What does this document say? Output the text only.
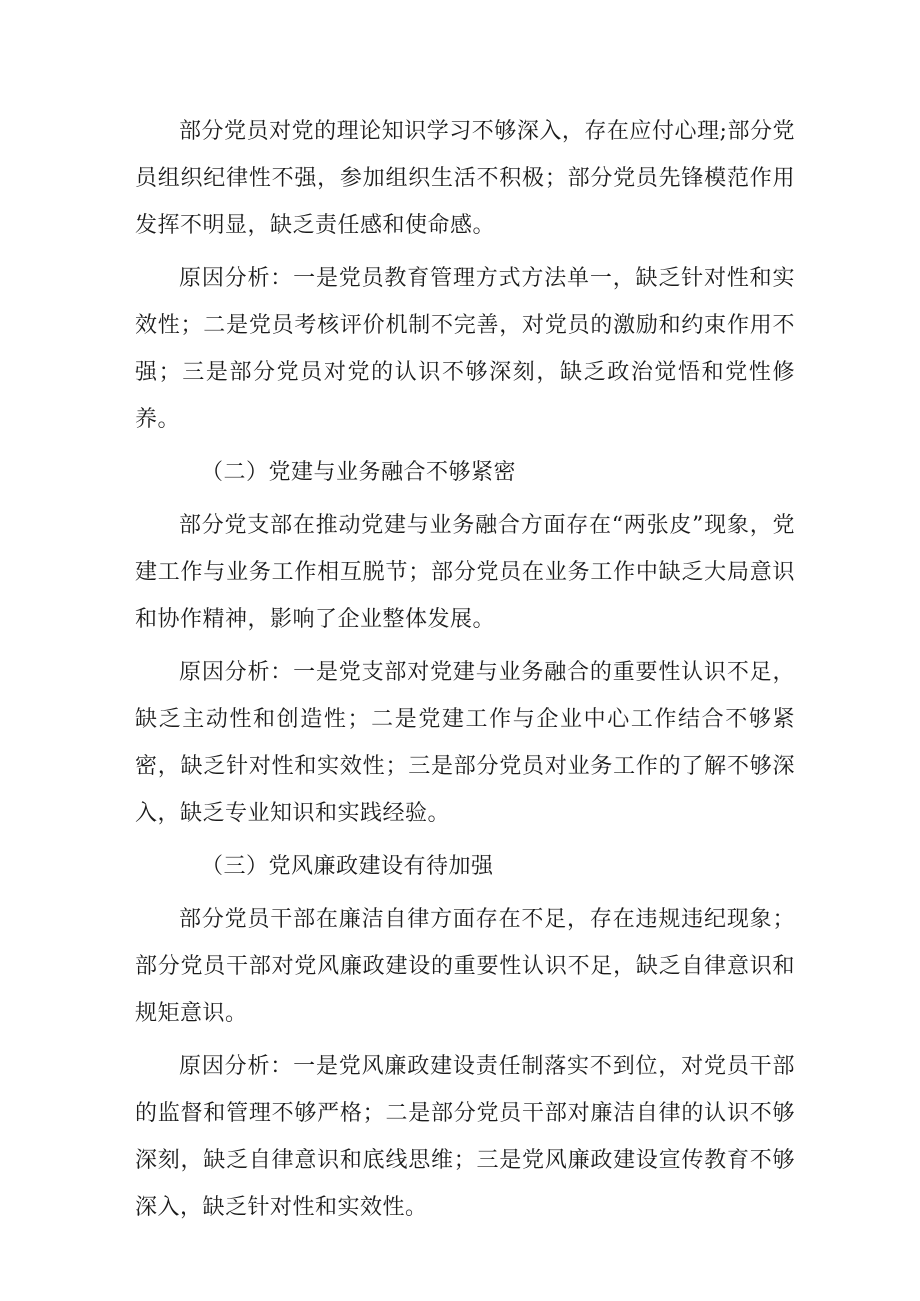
部分党员对党的理论知识学习不够深入，存在应付心理;部分党员组织纪律性不强，参加组织生活不积极；部分党员先锋模范作用发挥不明显，缺乏责任感和使命感。

原因分析：一是党员教育管理方式方法单一，缺乏针对性和实效性；二是党员考核评价机制不完善，对党员的激励和约束作用不强；三是部分党员对党的认识不够深刻，缺乏政治觉悟和党性修养。

（二）党建与业务融合不够紧密

部分党支部在推动党建与业务融合方面存在“两张皮”现象，党建工作与业务工作相互脱节；部分党员在业务工作中缺乏大局意识和协作精神，影响了企业整体发展。

原因分析：一是党支部对党建与业务融合的重要性认识不足，缺乏主动性和创造性；二是党建工作与企业中心工作结合不够紧密，缺乏针对性和实效性；三是部分党员对业务工作的了解不够深入，缺乏专业知识和实践经验。

（三）党风廉政建设有待加强

部分党员干部在廉洁自律方面存在不足，存在违规违纪现象；部分党员干部对党风廉政建设的重要性认识不足，缺乏自律意识和规矩意识。

原因分析：一是党风廉政建设责任制落实不到位，对党员干部的监督和管理不够严格；二是部分党员干部对廉洁自律的认识不够深刻，缺乏自律意识和底线思维；三是党风廉政建设宣传教育不够深入，缺乏针对性和实效性。
